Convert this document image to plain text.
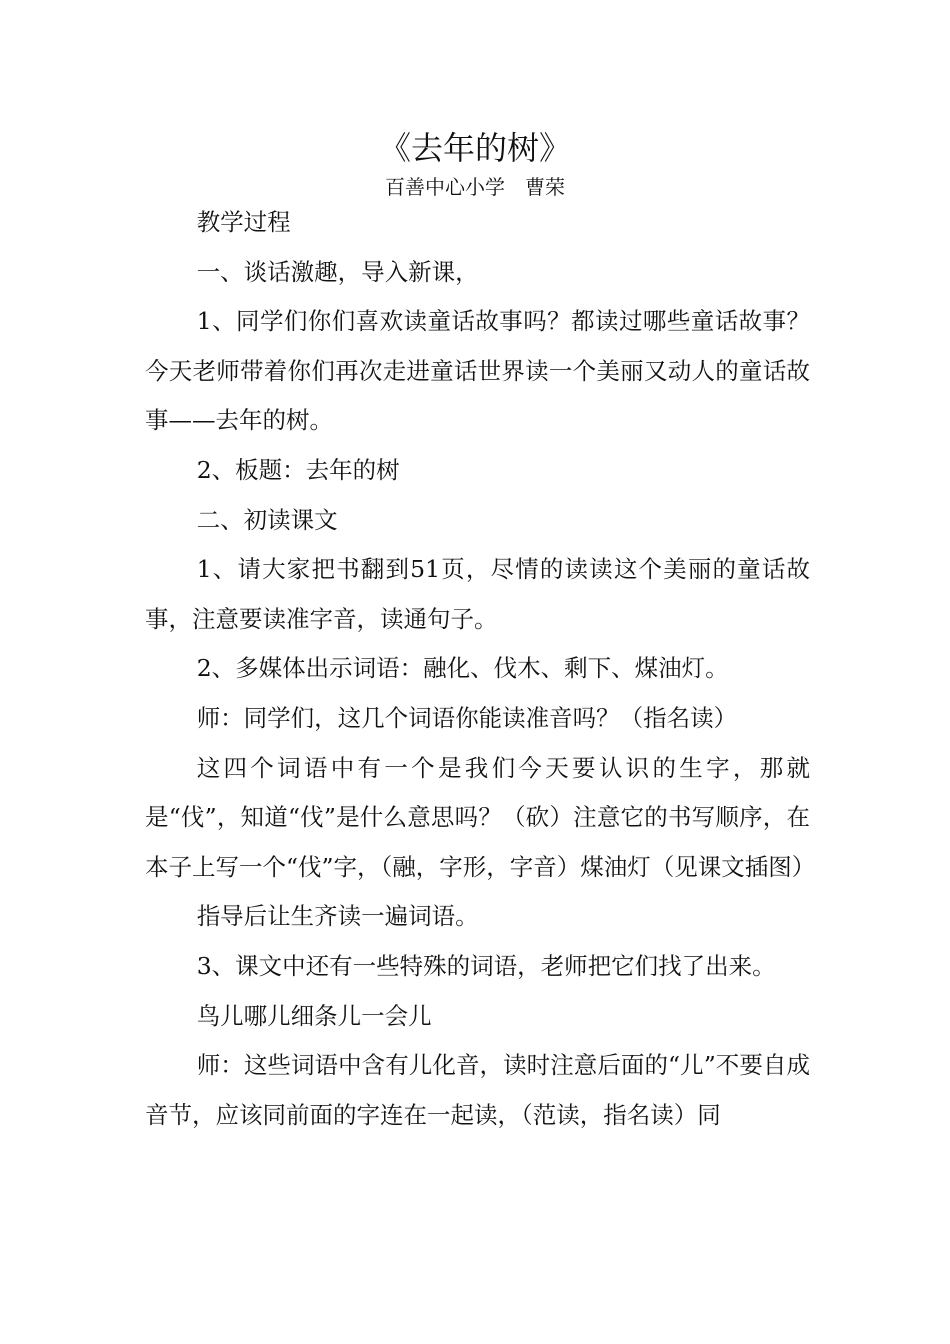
《去年的树》
百善中心小学　曹荣

教学过程

一、谈话激趣，导入新课，

1、同学们你们喜欢读童话故事吗？都读过哪些童话故事？今天老师带着你们再次走进童话世界读一个美丽又动人的童话故事——去年的树。

2、板题：去年的树

二、初读课文

1、请大家把书翻到51页，尽情的读读这个美丽的童话故事，注意要读准字音，读通句子。

2、多媒体出示词语：融化、伐木、剩下、煤油灯。

师：同学们，这几个词语你能读准音吗？（指名读）

这四个词语中有一个是我们今天要认识的生字，那就是“伐”，知道“伐”是什么意思吗？（砍）注意它的书写顺序，在本子上写一个“伐”字，（融，字形，字音）煤油灯（见课文插图）

指导后让生齐读一遍词语。

3、课文中还有一些特殊的词语，老师把它们找了出来。

鸟儿哪儿细条儿一会儿

师：这些词语中含有儿化音，读时注意后面的“儿”不要自成音节，应该同前面的字连在一起读，（范读，指名读）同
